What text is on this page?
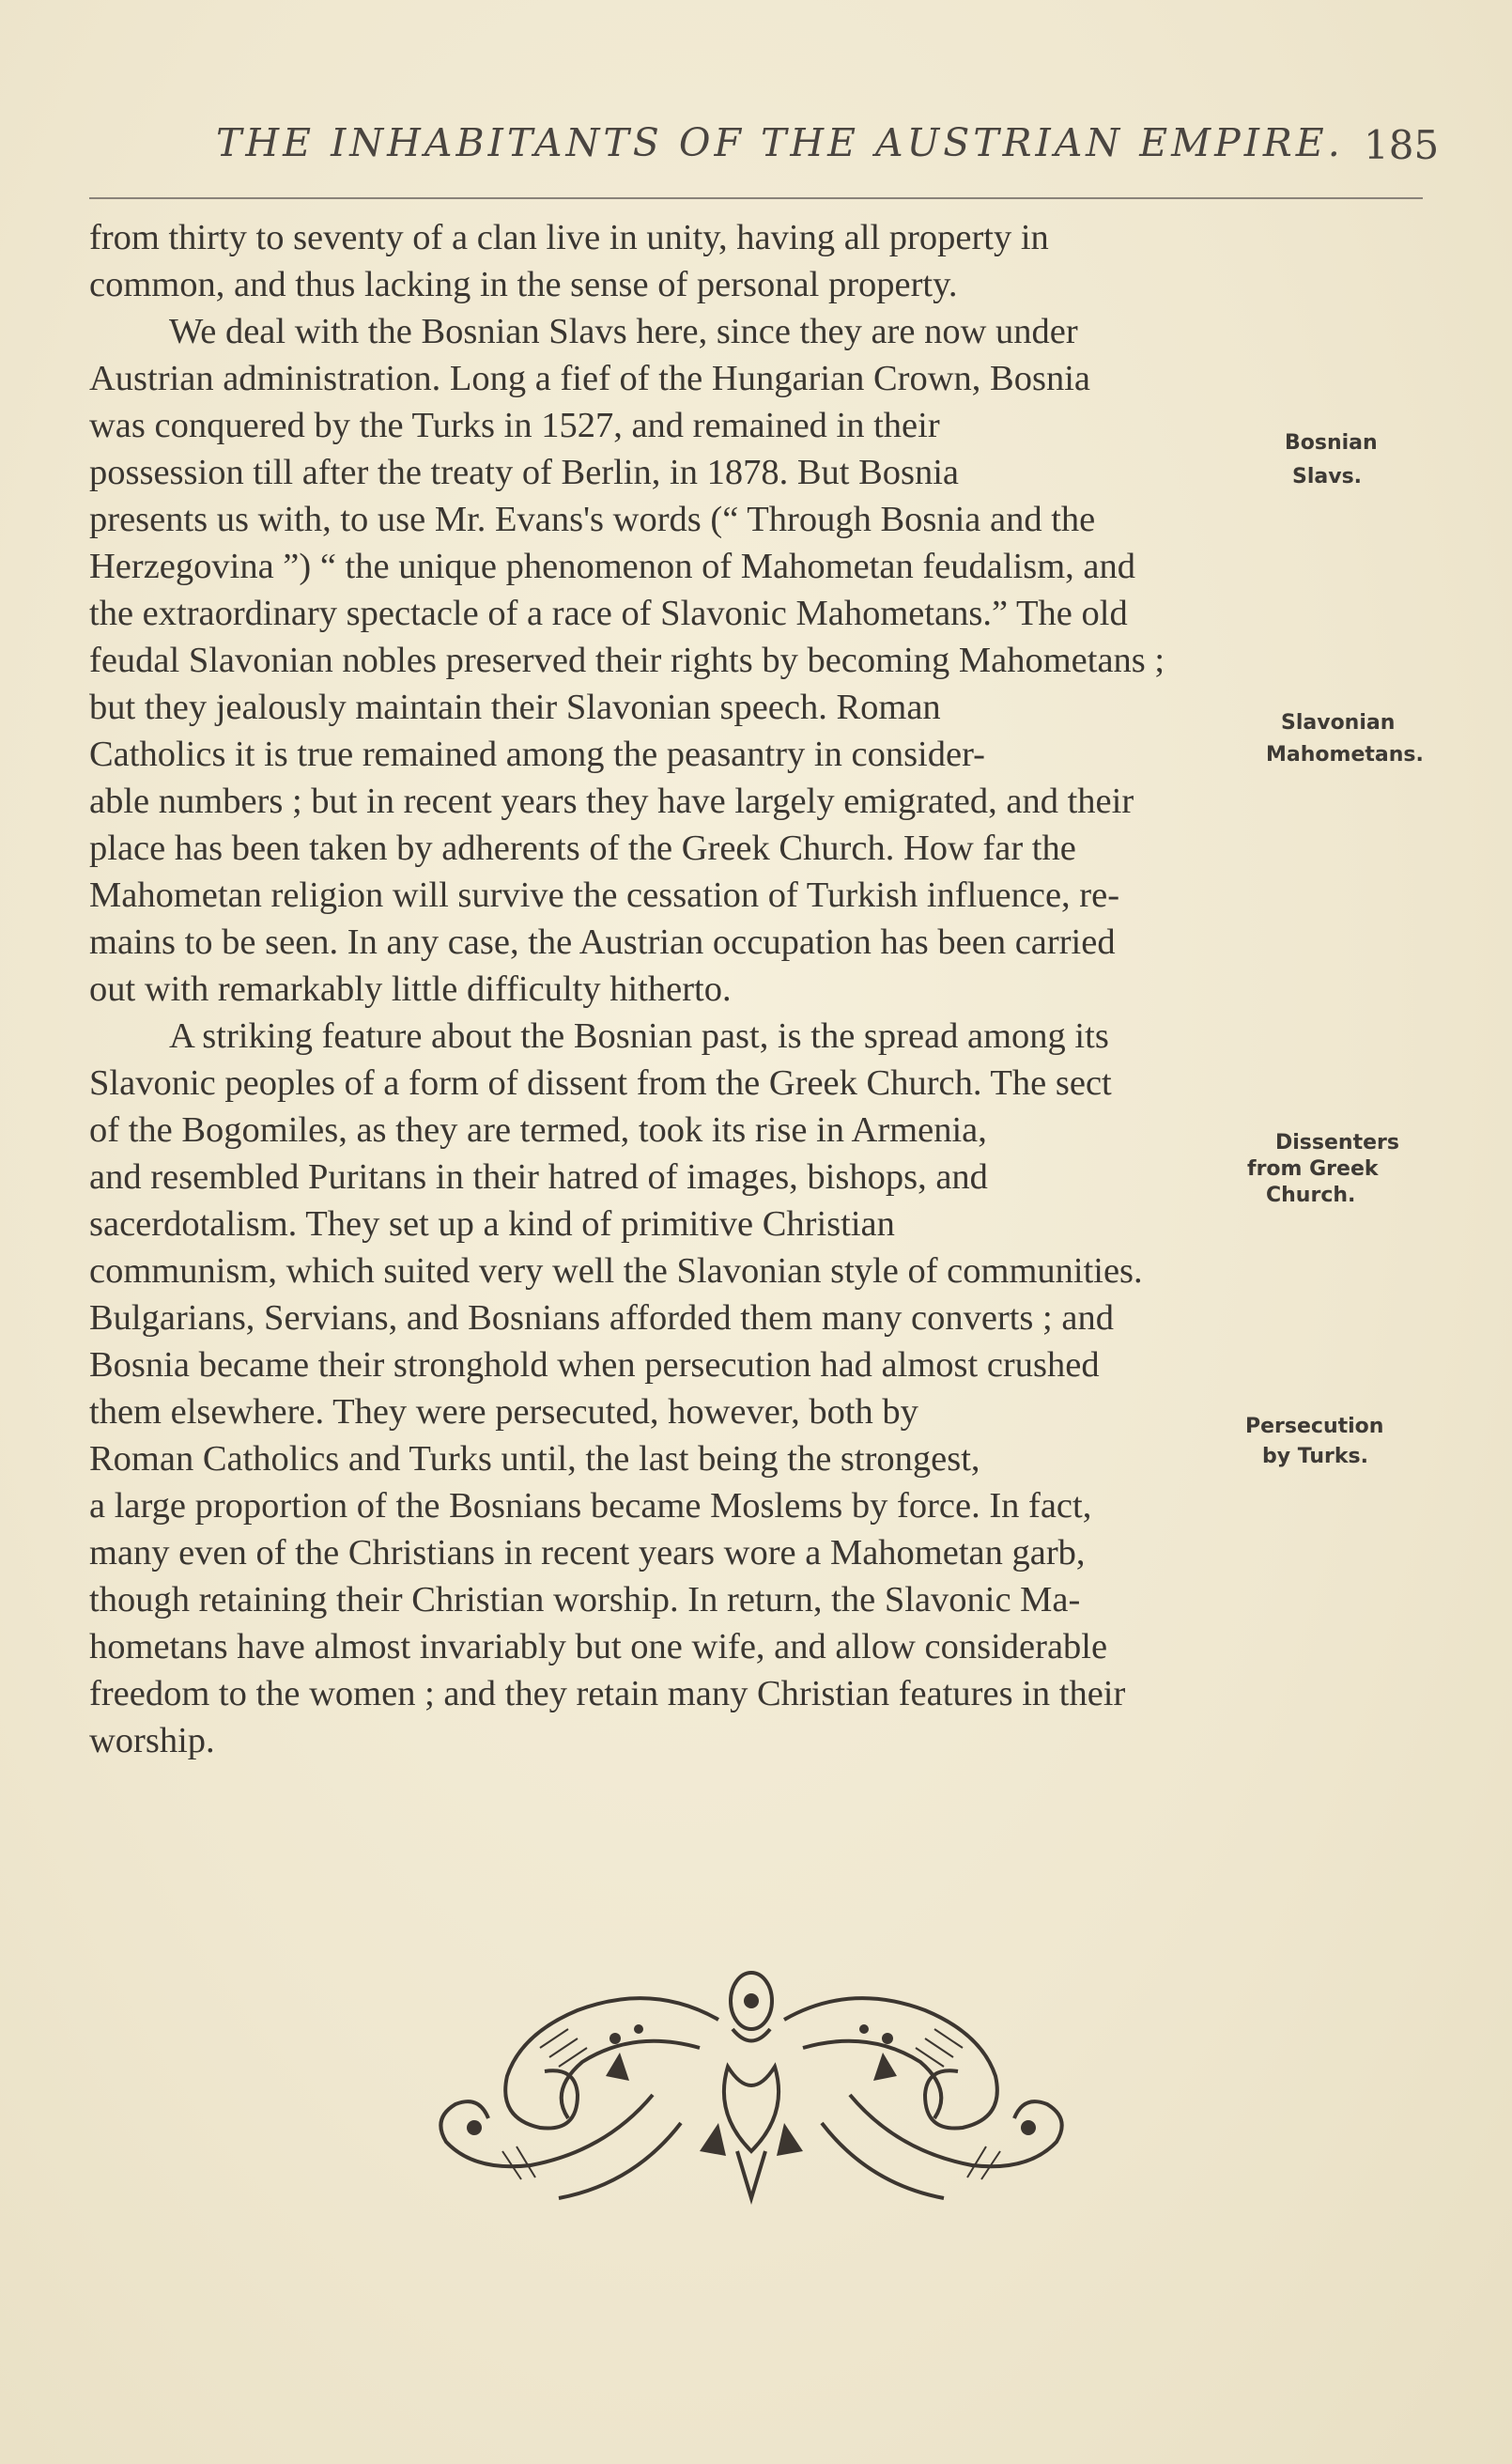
THE INHABITANTS OF THE AUSTRIAN EMPIRE. 185
from thirty to seventy of a clan live in unity, having all property in
common, and thus lacking in the sense of personal property.
We deal with the Bosnian Slavs here, since they are now under
Austrian administration. Long a fief of the Hungarian Crown, Bosnia
was conquered by the Turks in 1527, and remained in their
possession till after the treaty of Berlin, in 1878. But Bosnia
presents us with, to use Mr. Evans's words (“ Through Bosnia and the
Herzegovina ”) “ the unique phenomenon of Mahometan feudalism, and
the extraordinary spectacle of a race of Slavonic Mahometans.” The old
feudal Slavonian nobles preserved their rights by becoming Mahometans ;
but they jealously maintain their Slavonian speech. Roman
Catholics it is true remained among the peasantry in consider-
able numbers ; but in recent years they have largely emigrated, and their
place has been taken by adherents of the Greek Church. How far the
Mahometan religion will survive the cessation of Turkish influence, re-
mains to be seen. In any case, the Austrian occupation has been carried
out with remarkably little difficulty hitherto.
A striking feature about the Bosnian past, is the spread among its
Slavonic peoples of a form of dissent from the Greek Church. The sect
of the Bogomiles, as they are termed, took its rise in Armenia,
and resembled Puritans in their hatred of images, bishops, and
sacerdotalism. They set up a kind of primitive Christian
communism, which suited very well the Slavonian style of communities.
Bulgarians, Servians, and Bosnians afforded them many converts ; and
Bosnia became their stronghold when persecution had almost crushed
them elsewhere. They were persecuted, however, both by
Roman Catholics and Turks until, the last being the strongest,
a large proportion of the Bosnians became Moslems by force. In fact,
many even of the Christians in recent years wore a Mahometan garb,
though retaining their Christian worship. In return, the Slavonic Ma-
hometans have almost invariably but one wife, and allow considerable
freedom to the women ; and they retain many Christian features in their
worship.
Bosnian
Slavs.
Slavonian
Mahometans.
Dissenters
from Greek
Church.
Persecution
by Turks.
